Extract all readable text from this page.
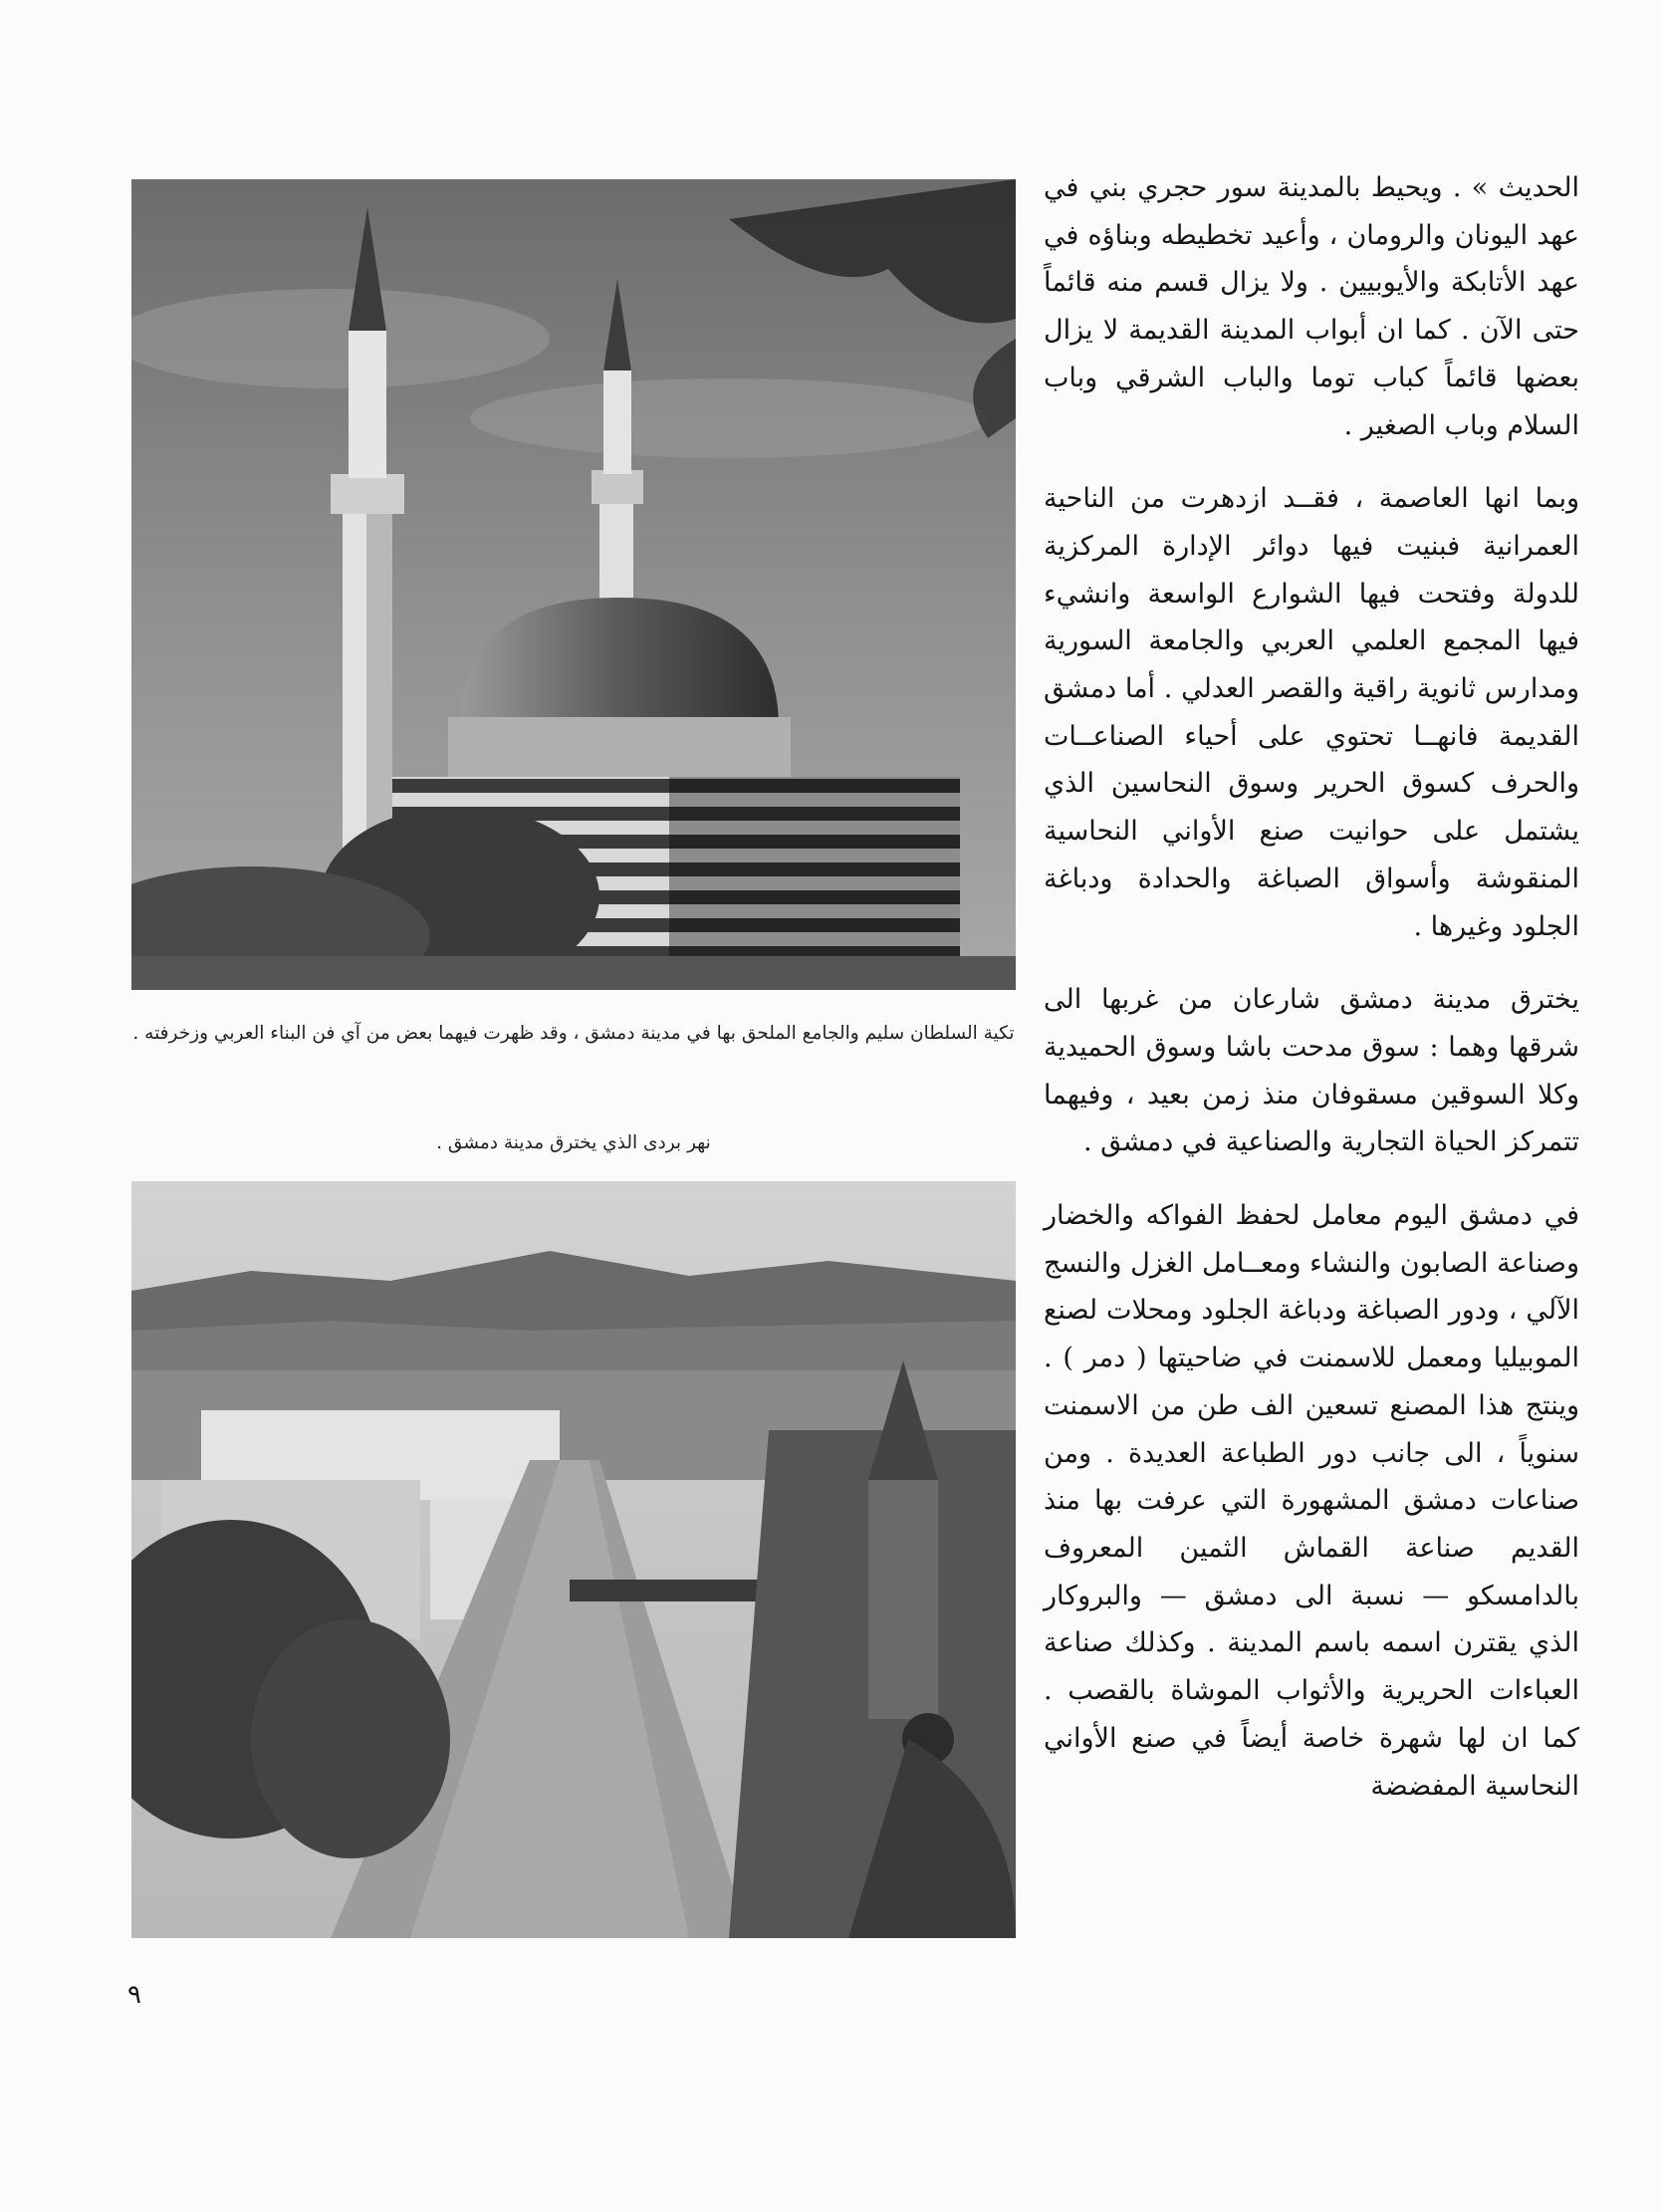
الحديث » . ويحيط بالمدينة سور حجري بني في عهد اليونان والرومان ، وأعيد تخطيطه وبناؤه في عهد الأتابكة والأيوبيين . ولا يزال قسم منه قائماً حتى الآن . كما ان أبواب المدينة القديمة لا يزال بعضها قائماً كباب توما والباب الشرقي وباب السلام وباب الصغير .

وبما انها العاصمة ، فقــد ازدهرت من الناحية العمرانية فبنيت فيها دوائر الإدارة المركزية للدولة وفتحت فيها الشوارع الواسعة وانشيء فيها المجمع العلمي العربي والجامعة السورية ومدارس ثانوية راقية والقصر العدلي . أما دمشق القديمة فانهــا تحتوي على أحياء الصناعــات والحرف كسوق الحرير وسوق النحاسين الذي يشتمل على حوانيت صنع الأواني النحاسية المنقوشة وأسواق الصباغة والحدادة ودباغة الجلود وغيرها .

يخترق مدينة دمشق شارعان من غربها الى شرقها وهما : سوق مدحت باشا وسوق الحميدية وكلا السوقين مسقوفان منذ زمن بعيد ، وفيهما تتمركز الحياة التجارية والصناعية في دمشق .

في دمشق اليوم معامل لحفظ الفواكه والخضار وصناعة الصابون والنشاء ومعــامل الغزل والنسج الآلي ، ودور الصباغة ودباغة الجلود ومحلات لصنع الموبيليا ومعمل للاسمنت في ضاحيتها ( دمر ) . وينتج هذا المصنع تسعين الف طن من الاسمنت سنوياً ، الى جانب دور الطباعة العديدة . ومن صناعات دمشق المشهورة التي عرفت بها منذ القديم صناعة القماش الثمين المعروف بالدامسكو — نسبة الى دمشق — والبروكار الذي يقترن اسمه باسم المدينة . وكذلك صناعة العباءات الحريرية والأثواب الموشاة بالقصب . كما ان لها شهرة خاصة أيضاً في صنع الأواني النحاسية المفضضة

تكية السلطان سليم والجامع الملحق بها في مدينة دمشق ، وقد ظهرت فيهما بعض من آي فن البناء العربي وزخرفته .
نهر بردى الذي يخترق مدينة دمشق .
٩
